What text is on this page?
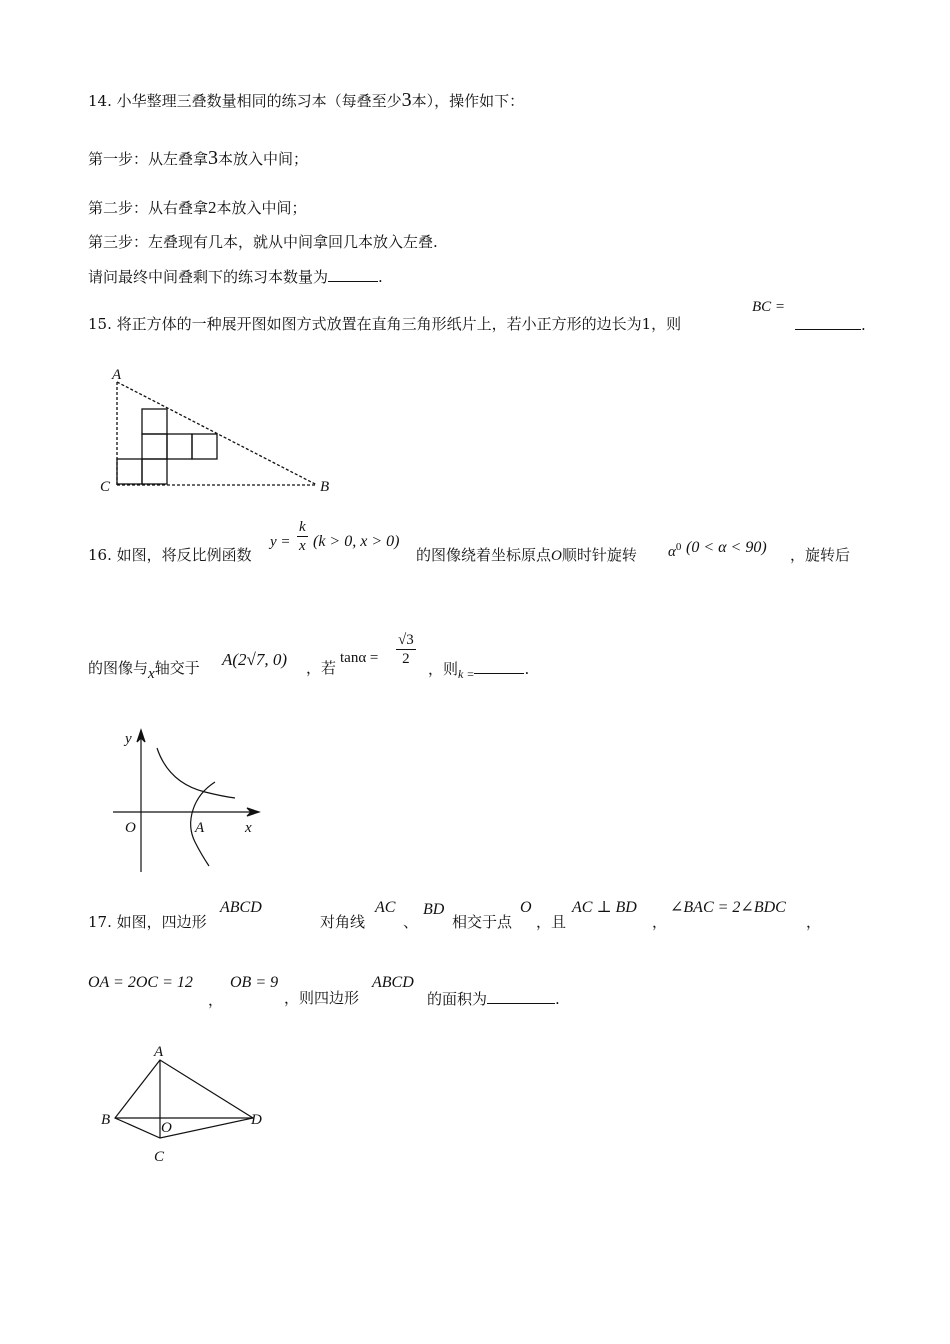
14. 小华整理三叠数量相同的练习本（每叠至少3本），操作如下：
第一步：从左叠拿3本放入中间；
第二步：从右叠拿2本放入中间；
第三步：左叠现有几本，就从中间拿回几本放入左叠.
请问最终中间叠剩下的练习本数量为	.
15. 将正方体的一种展开图如图方式放置在直角三角形纸片上，若小正方形的边长为1，则
BC =
.
A
C	B
16. 如图，将反比例函数
$y = \frac{k}{x} (k > 0$, x > 0)
的图像绕着坐标原点O顺时针旋转 $\alpha^0$ (0 < α < 90) ，旋转后
的图像与x轴交于 A(2√7, 0) ，若
$\tan\alpha = \frac{√3}{2}$
，则$_{k =}$	.
y
x
O	A
17. 如图，四边形
ABCD
对角线
AC
、
BD
相交于点
O
，且
AC ⊥ BD
，
∠BAC = 2∠BDC
，
OA = 2OC = 12
，
OB = 9
，则四边形
ABCD
的面积为	.
A
B
C
D
O
